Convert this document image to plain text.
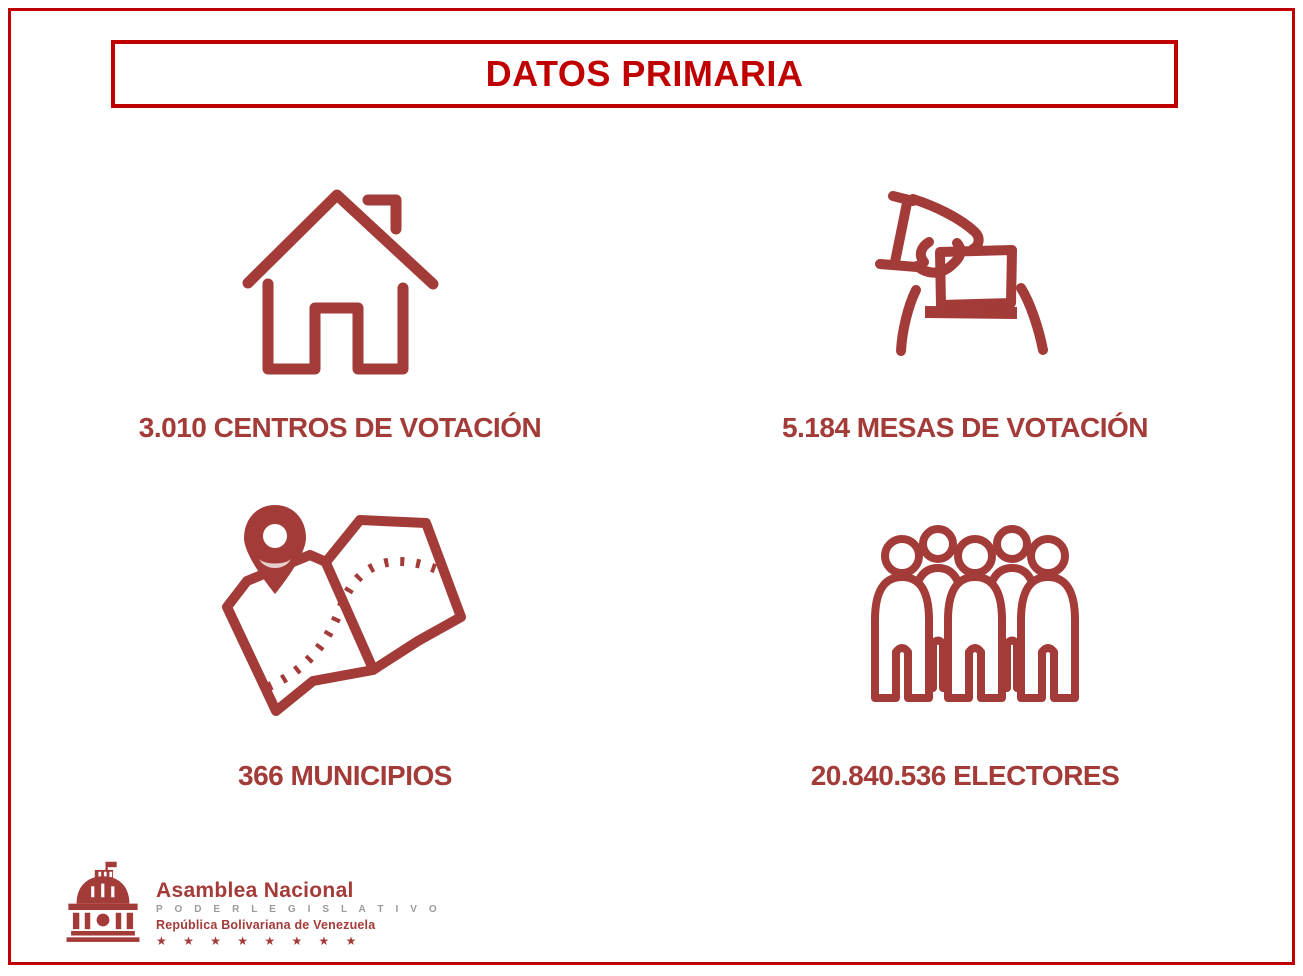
DATOS PRIMARIA
3.010 CENTROS DE VOTACIÓN	5.184 MESAS DE VOTACIÓN
366 MUNICIPIOS	20.840.536 ELECTORES
Asamblea Nacional
P O D E R L E G I S L A T I V O
República Bolivariana de Venezuela
★ ★ ★ ★ ★ ★ ★ ★
